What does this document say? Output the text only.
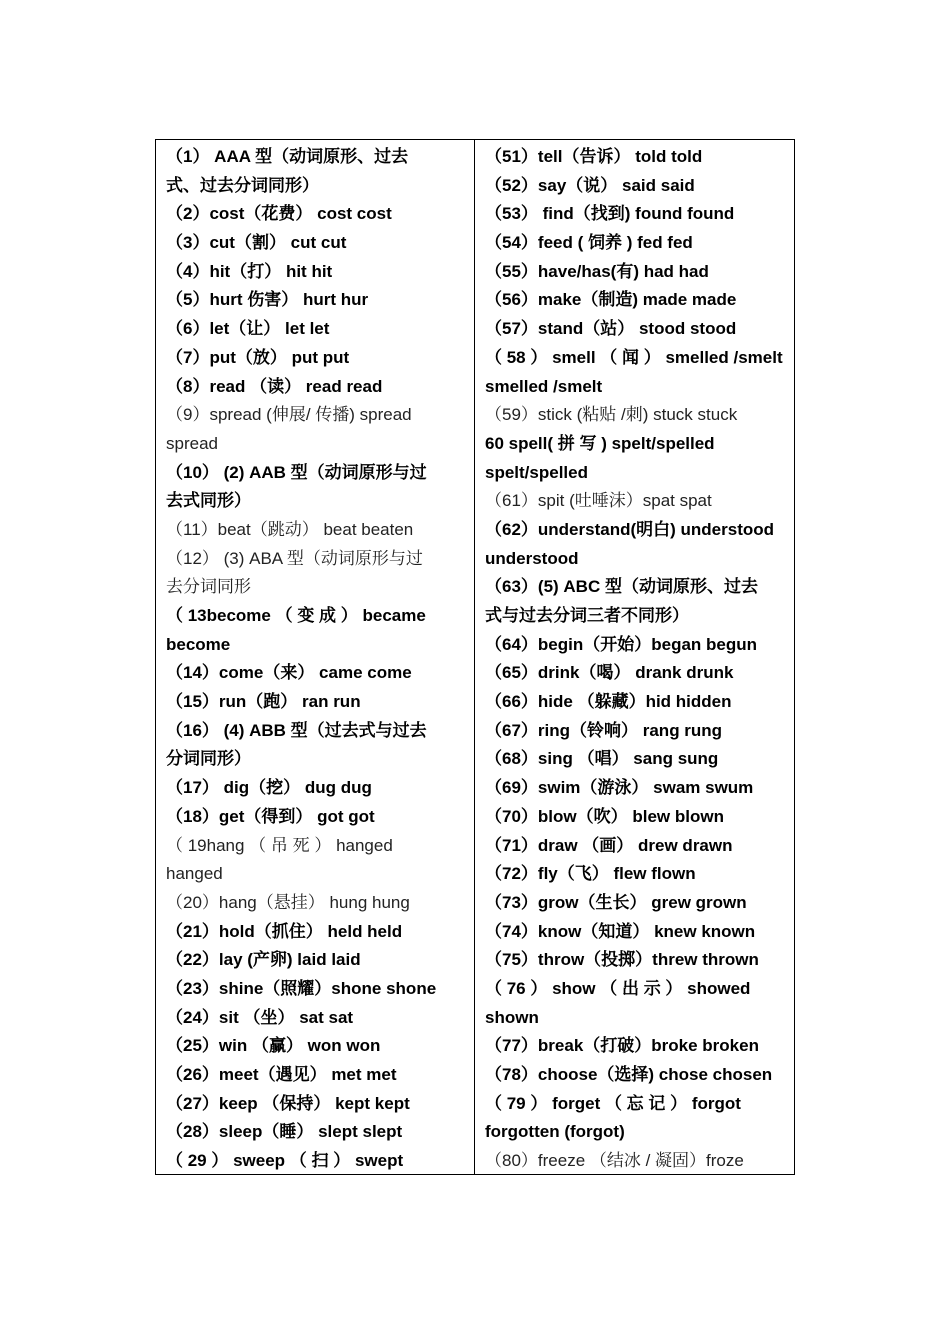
（1） AAA 型（动词原形、过去
式、过去分词同形）
（2）cost（花费） cost cost
（3）cut（割） cut cut
（4）hit（打） hit hit
（5）hurt 伤害） hurt hur
（6）let（让） let let
（7）put（放） put put
（8）read （读） read read
（9）spread (伸展/ 传播) spread
spread
（10） (2) AAB 型（动词原形与过
去式同形）
（11）beat（跳动） beat beaten
（12） (3) ABA 型（动词原形与过
去分词同形
（ 13become （ 变 成 ） became
become
（14）come（来） came come
（15）run（跑） ran run
（16） (4) ABB 型（过去式与过去
分词同形）
（17） dig（挖） dug dug
（18）get（得到） got got
（ 19hang （ 吊 死 ） hanged
hanged
（20）hang（悬挂） hung hung
（21）hold（抓住） held held
（22）lay (产卵) laid laid
（23）shine（照耀）shone shone
（24）sit （坐） sat sat
（25）win （赢） won won
（26）meet（遇见） met met
（27）keep （保持） kept kept
（28）sleep（睡） slept slept
（ 29 ） sweep （ 扫 ） swept
（51）tell（告诉） told told
（52）say（说） said said
（53） find（找到) found found
（54）feed ( 饲养 ) fed fed
（55）have/has(有) had had
（56）make（制造) made made
（57）stand（站） stood stood
（ 58 ） smell （ 闻 ） smelled /smelt
smelled /smelt
（59）stick (粘贴 /刺) stuck stuck
60 spell( 拼 写 ) spelt/spelled
spelt/spelled
（61）spit (吐唾沫）spat spat
（62）understand(明白) understood
understood
（63）(5) ABC 型（动词原形、过去
式与过去分词三者不同形）
（64）begin（开始）began begun
（65）drink（喝） drank drunk
（66）hide （躲藏）hid hidden
（67）ring（铃响） rang rung
（68）sing （唱） sang sung
（69）swim（游泳） swam swum
（70）blow（吹） blew blown
（71）draw （画） drew drawn
（72）fly（飞） flew flown
（73）grow（生长） grew grown
（74）know（知道） knew known
（75）throw（投掷）threw thrown
（ 76 ） show （ 出 示 ） showed
shown
（77）break（打破）broke broken
（78）choose（选择) chose chosen
（ 79 ） forget （ 忘 记 ） forgot
forgotten (forgot)
（80）freeze （结冰 / 凝固）froze
